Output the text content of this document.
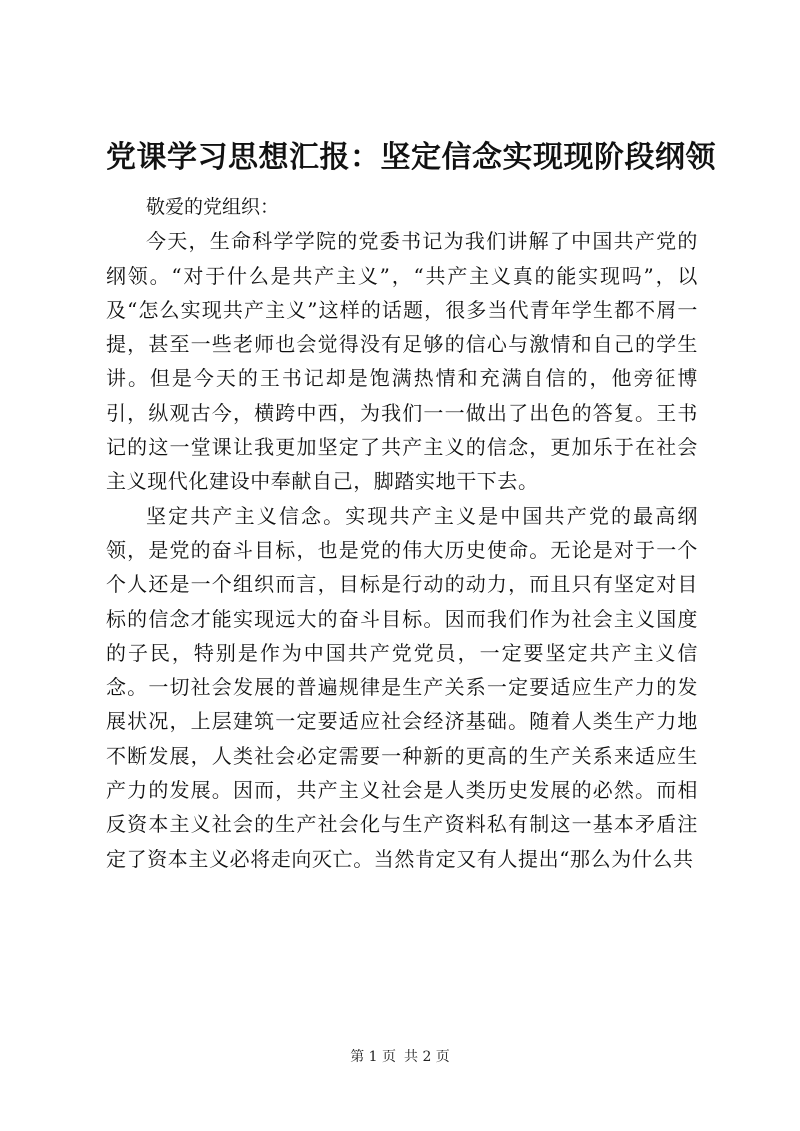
党课学习思想汇报：坚定信念实现现阶段纲领

敬爱的党组织：

今天，生命科学学院的党委书记为我们讲解了中国共产党的纲领。“对于什么是共产主义”，“共产主义真的能实现吗”，以及“怎么实现共产主义”这样的话题，很多当代青年学生都不屑一提，甚至一些老师也会觉得没有足够的信心与激情和自己的学生讲。但是今天的王书记却是饱满热情和充满自信的，他旁征博引，纵观古今，横跨中西，为我们一一做出了出色的答复。王书记的这一堂课让我更加坚定了共产主义的信念，更加乐于在社会主义现代化建设中奉献自己，脚踏实地干下去。

坚定共产主义信念。实现共产主义是中国共产党的最高纲领，是党的奋斗目标，也是党的伟大历史使命。无论是对于一个个人还是一个组织而言，目标是行动的动力，而且只有坚定对目标的信念才能实现远大的奋斗目标。因而我们作为社会主义国度的子民，特别是作为中国共产党党员，一定要坚定共产主义信念。一切社会发展的普遍规律是生产关系一定要适应生产力的发展状况，上层建筑一定要适应社会经济基础。随着人类生产力地不断发展，人类社会必定需要一种新的更高的生产关系来适应生产力的发展。因而，共产主义社会是人类历史发展的必然。而相反资本主义社会的生产社会化与生产资料私有制这一基本矛盾注定了资本主义必将走向灭亡。当然肯定又有人提出“那么为什么共

第 1 页 共 2 页
